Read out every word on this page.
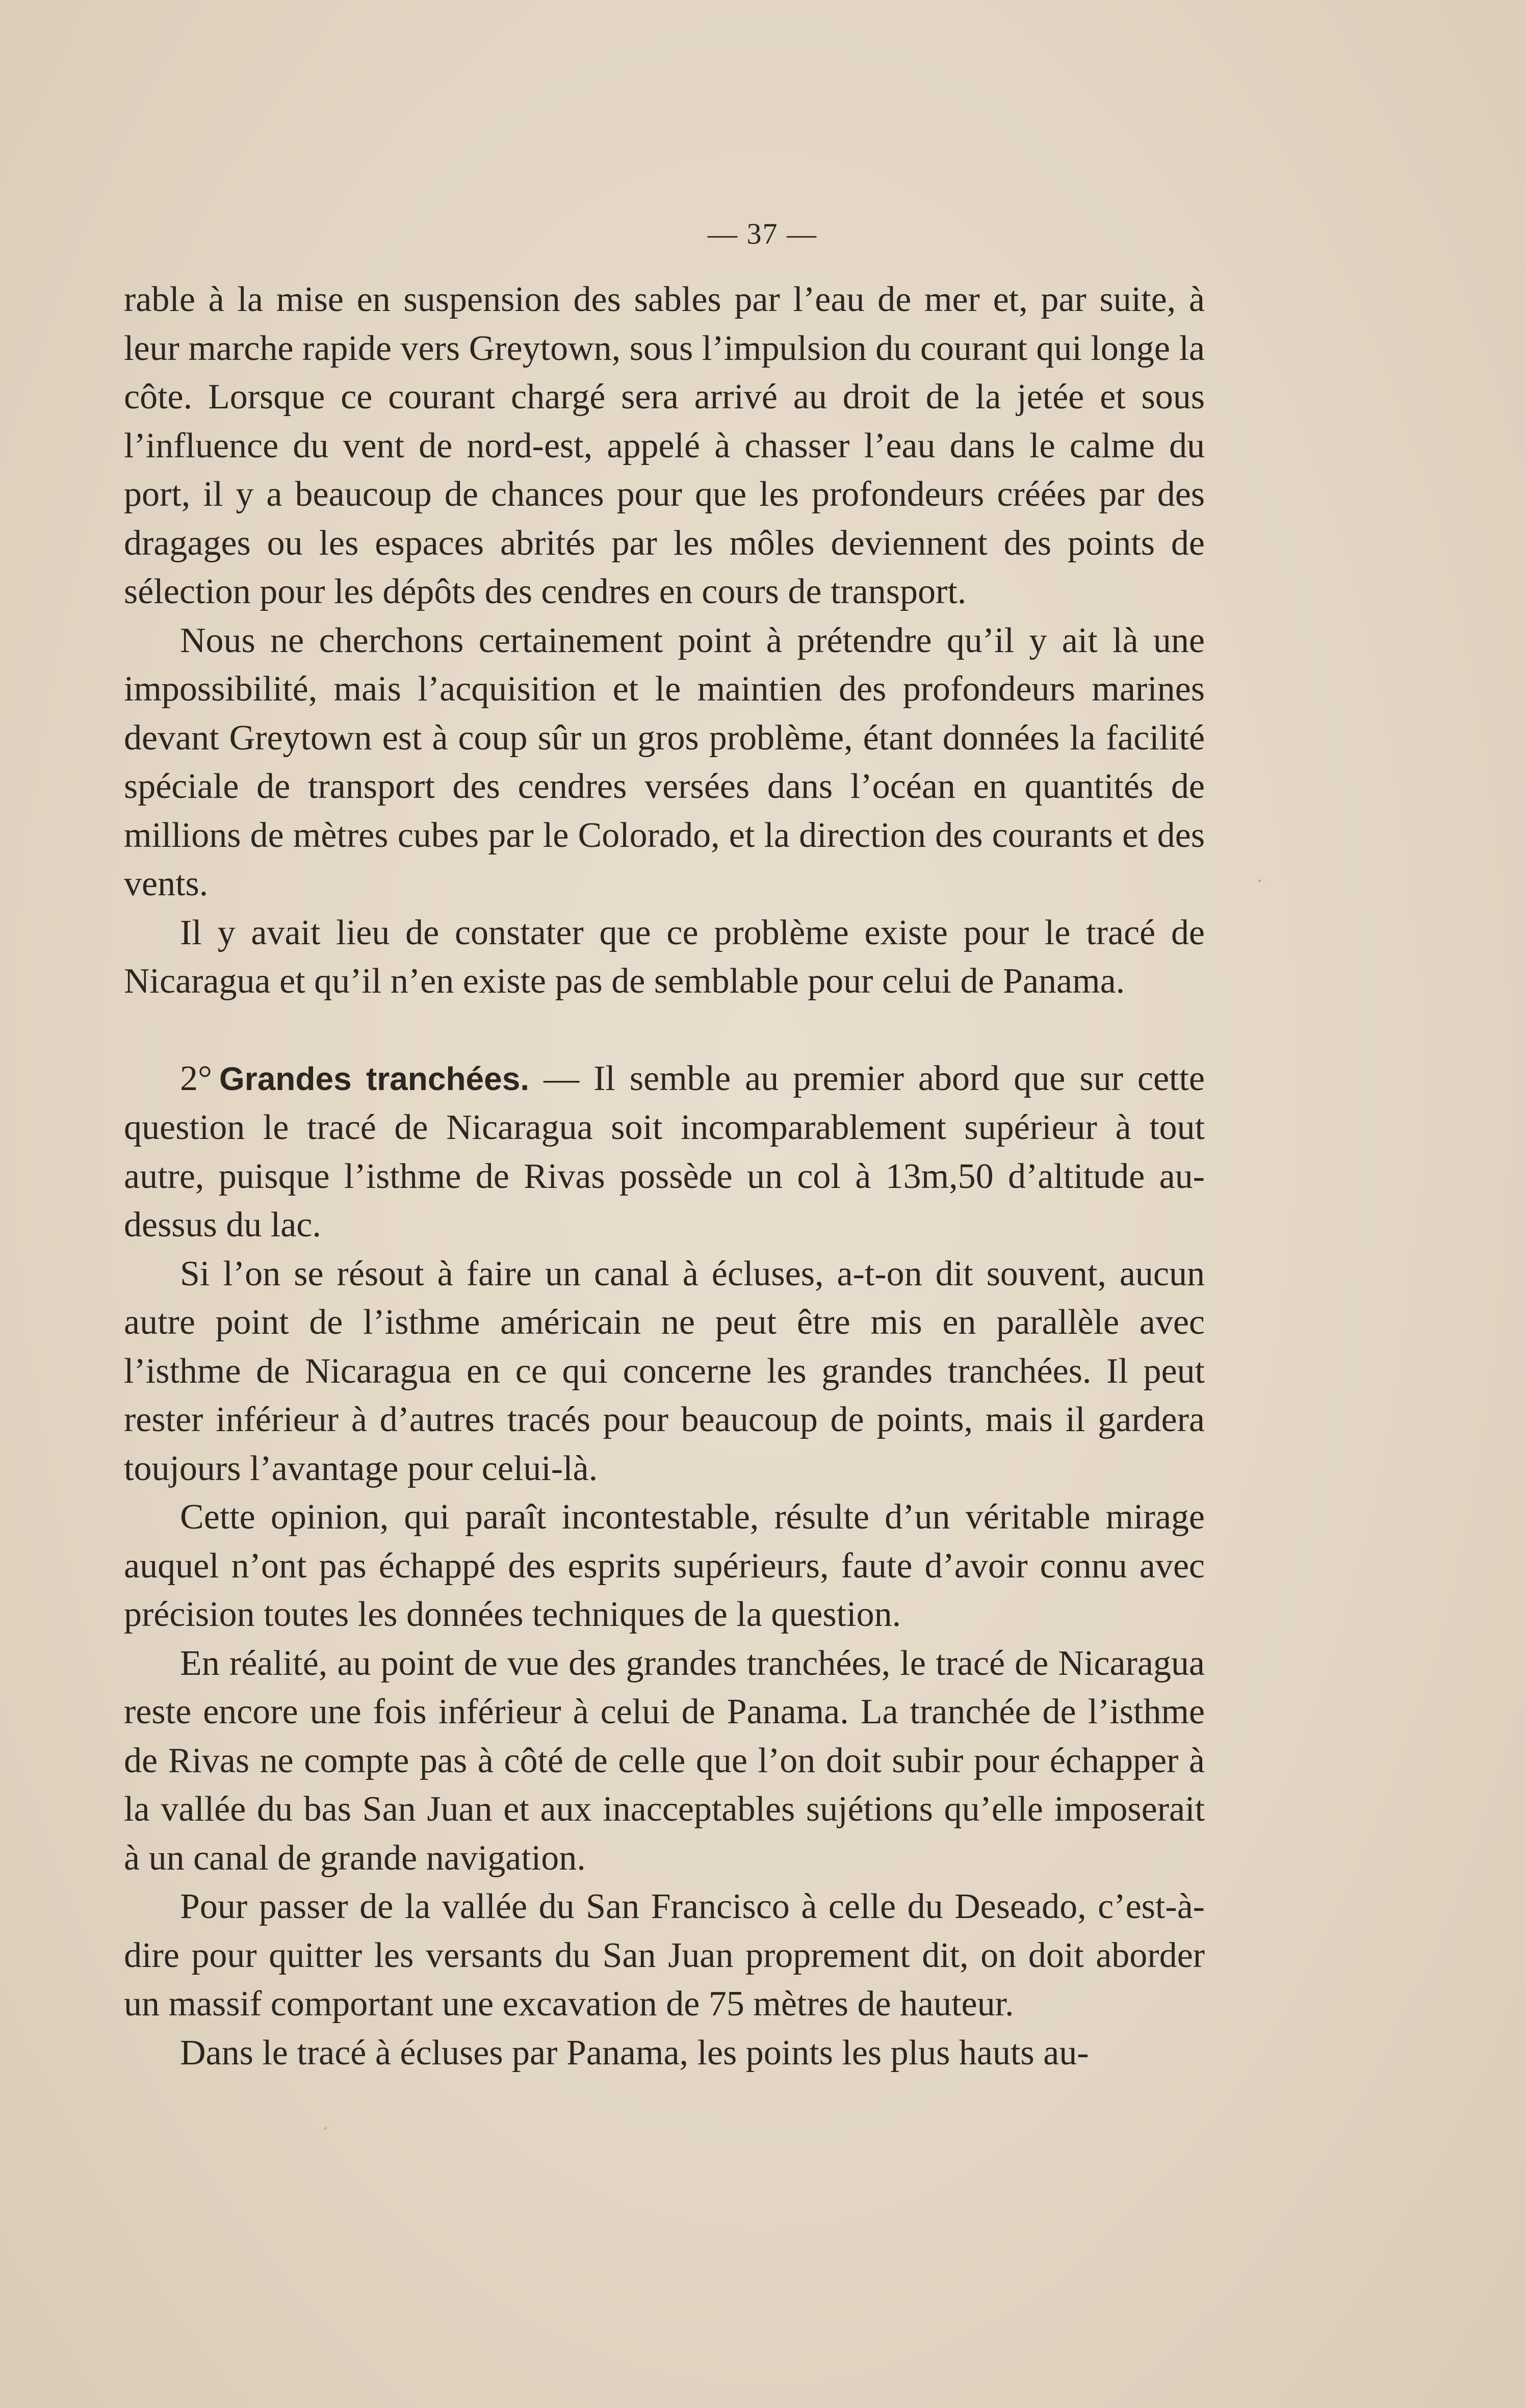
— 37 —

rable à la mise en suspension des sables par l’eau de mer et, par suite, à leur marche rapide vers Greytown, sous l’impulsion du courant qui longe la côte. Lorsque ce courant chargé sera arrivé au droit de la jetée et sous l’influence du vent de nord-est, appelé à chasser l’eau dans le calme du port, il y a beaucoup de chances pour que les profondeurs créées par des dragages ou les espaces abrités par les môles deviennent des points de sélection pour les dépôts des cendres en cours de transport.

Nous ne cherchons certainement point à prétendre qu’il y ait là une impossibilité, mais l’acquisition et le maintien des profondeurs marines devant Greytown est à coup sûr un gros problème, étant données la facilité spéciale de transport des cendres versées dans l’océan en quantités de millions de mètres cubes par le Colorado, et la direction des courants et des vents.

Il y avait lieu de constater que ce problème existe pour le tracé de Nicaragua et qu’il n’en existe pas de semblable pour celui de Panama.

2° Grandes tranchées. — Il semble au premier abord que sur cette question le tracé de Nicaragua soit incomparablement supérieur à tout autre, puisque l’isthme de Rivas possède un col à 13m,50 d’altitude au-dessus du lac.

Si l’on se résout à faire un canal à écluses, a-t-on dit souvent, aucun autre point de l’isthme américain ne peut être mis en parallèle avec l’isthme de Nicaragua en ce qui concerne les grandes tranchées. Il peut rester inférieur à d’autres tracés pour beaucoup de points, mais il gardera toujours l’avantage pour celui-là.

Cette opinion, qui paraît incontestable, résulte d’un véritable mirage auquel n’ont pas échappé des esprits supérieurs, faute d’avoir connu avec précision toutes les données techniques de la question.

En réalité, au point de vue des grandes tranchées, le tracé de Nicaragua reste encore une fois inférieur à celui de Panama. La tranchée de l’isthme de Rivas ne compte pas à côté de celle que l’on doit subir pour échapper à la vallée du bas San Juan et aux inacceptables sujétions qu’elle imposerait à un canal de grande navigation.

Pour passer de la vallée du San Francisco à celle du Deseado, c’est-à-dire pour quitter les versants du San Juan proprement dit, on doit aborder un massif comportant une excavation de 75 mètres de hauteur.

Dans le tracé à écluses par Panama, les points les plus hauts au-
